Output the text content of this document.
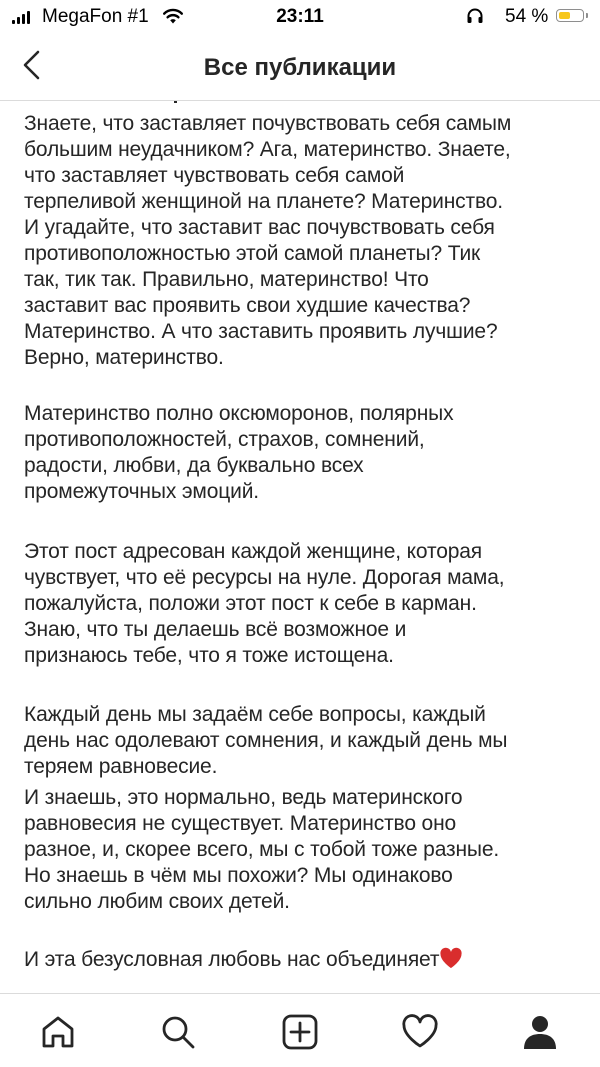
MegaFon #1	23:11	54 %
Все публикации

Знаете, что заставляет почувствовать себя самым
большим неудачником? Ага, материнство. Знаете,
что заставляет чувствовать себя самой
терпеливой женщиной на планете? Материнство.
И угадайте, что заставит вас почувствовать себя
противоположностью этой самой планеты? Тик
так, тик так. Правильно, материнство! Что
заставит вас проявить свои худшие качества?
Материнство. А что заставить проявить лучшие?
Верно, материнство.

Материнство полно оксюморонов, полярных
противоположностей, страхов, сомнений,
радости, любви, да буквально всех
промежуточных эмоций.

Этот пост адресован каждой женщине, которая
чувствует, что её ресурсы на нуле. Дорогая мама,
пожалуйста, положи этот пост к себе в карман.
Знаю, что ты делаешь всё возможное и
признаюсь тебе, что я тоже истощена.

Каждый день мы задаём себе вопросы, каждый
день нас одолевают сомнения, и каждый день мы
теряем равновесие.

И знаешь, это нормально, ведь материнского
равновесия не существует. Материнство оно
разное, и, скорее всего, мы с тобой тоже разные.
Но знаешь в чём мы похожи? Мы одинаково
сильно любим своих детей.

И эта безусловная любовь нас объединяет
